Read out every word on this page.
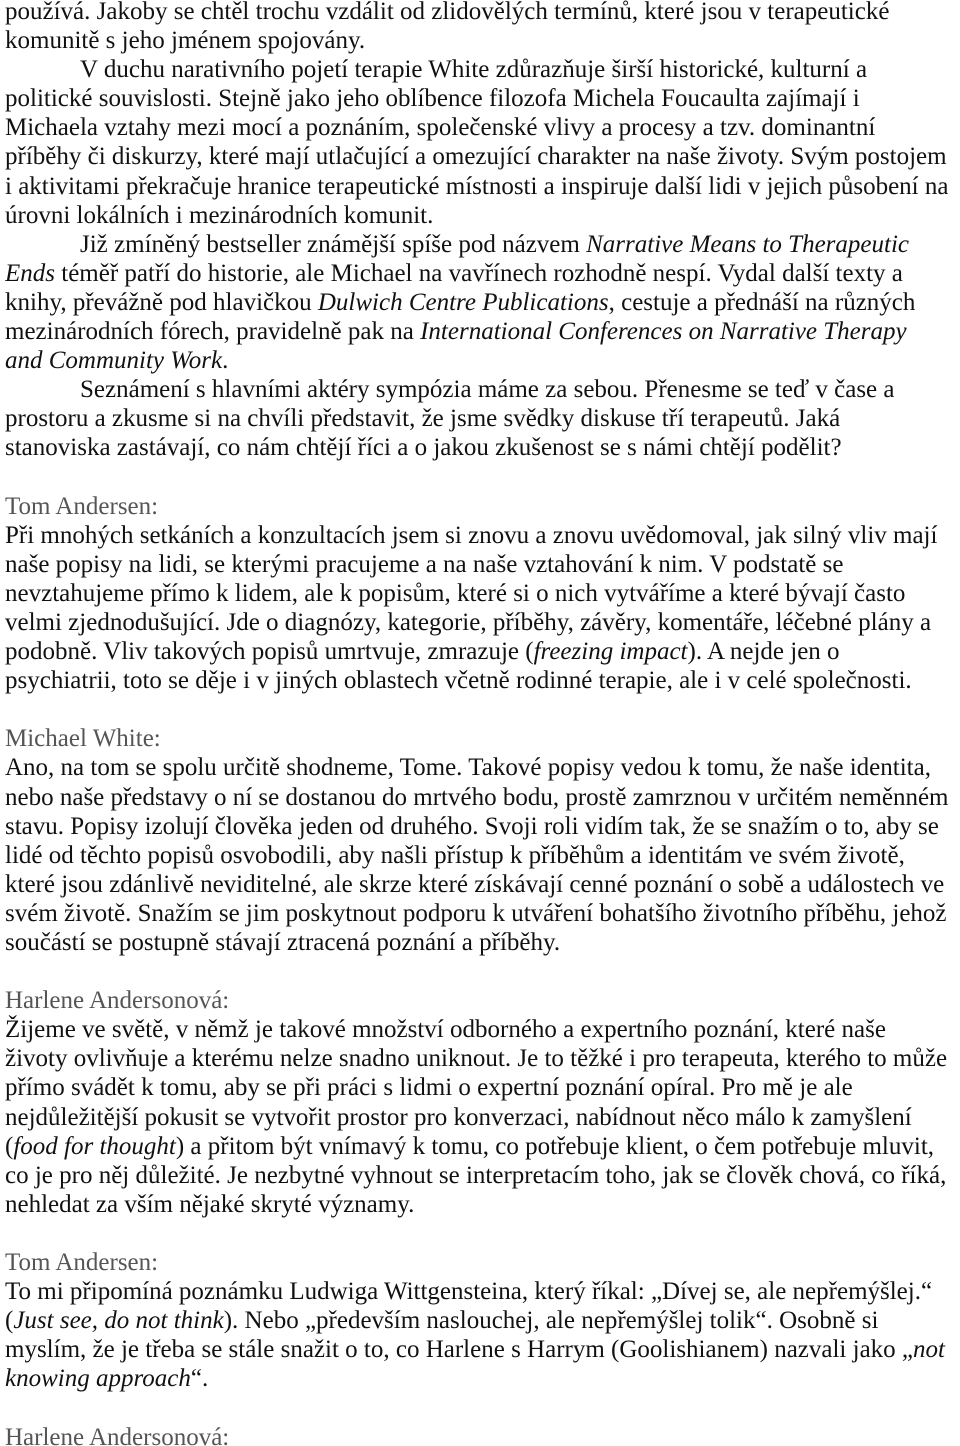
používá. Jakoby se chtěl trochu vzdálit od zlidovělých termínů, které jsou v terapeutické
komunitě s jeho jménem spojovány.
V duchu narativního pojetí terapie White zdůrazňuje širší historické, kulturní a
politické souvislosti. Stejně jako jeho oblíbence filozofa Michela Foucaulta zajímají i
Michaela vztahy mezi mocí a poznáním, společenské vlivy a procesy a tzv. dominantní
příběhy či diskurzy, které mají utlačující a omezující charakter na naše životy. Svým postojem
i aktivitami překračuje hranice terapeutické místnosti a inspiruje další lidi v jejich působení na
úrovni lokálních i mezinárodních komunit.
Již zmíněný bestseller známější spíše pod názvem Narrative Means to Therapeutic
Ends téměř patří do historie, ale Michael na vavřínech rozhodně nespí. Vydal další texty a
knihy, převážně pod hlavičkou Dulwich Centre Publications, cestuje a přednáší na různých
mezinárodních fórech, pravidelně pak na International Conferences on Narrative Therapy
and Community Work.
Seznámení s hlavními aktéry sympózia máme za sebou. Přenesme se teď v čase a
prostoru a zkusme si na chvíli představit, že jsme svědky diskuse tří terapeutů. Jaká
stanoviska zastávají, co nám chtějí říci a o jakou zkušenost se s námi chtějí podělit?
Tom Andersen:
Při mnohých setkáních a konzultacích jsem si znovu a znovu uvědomoval, jak silný vliv mají
naše popisy na lidi, se kterými pracujeme a na naše vztahování k nim. V podstatě se
nevztahujeme přímo k lidem, ale k popisům, které si o nich vytváříme a které bývají často
velmi zjednodušující. Jde o diagnózy, kategorie, příběhy, závěry, komentáře, léčebné plány a
podobně. Vliv takových popisů umrtvuje, zmrazuje (freezing impact). A nejde jen o
psychiatrii, toto se děje i v jiných oblastech včetně rodinné terapie, ale i v celé společnosti.
Michael White:
Ano, na tom se spolu určitě shodneme, Tome. Takové popisy vedou k tomu, že naše identita,
nebo naše představy o ní se dostanou do mrtvého bodu, prostě zamrznou v určitém neměnném
stavu. Popisy izolují člověka jeden od druhého. Svoji roli vidím tak, že se snažím o to, aby se
lidé od těchto popisů osvobodili, aby našli přístup k příběhům a identitám ve svém životě,
které jsou zdánlivě neviditelné, ale skrze které získávají cenné poznání o sobě a událostech ve
svém životě. Snažím se jim poskytnout podporu k utváření bohatšího životního příběhu, jehož
součástí se postupně stávají ztracená poznání a příběhy.
Harlene Andersonová:
Žijeme ve světě, v němž je takové množství odborného a expertního poznání, které naše
životy ovlivňuje a kterému nelze snadno uniknout. Je to těžké i pro terapeuta, kterého to může
přímo svádět k tomu, aby se při práci s lidmi o expertní poznání opíral. Pro mě je ale
nejdůležitější pokusit se vytvořit prostor pro konverzaci, nabídnout něco málo k zamyšlení
(food for thought) a přitom být vnímavý k tomu, co potřebuje klient, o čem potřebuje mluvit,
co je pro něj důležité. Je nezbytné vyhnout se interpretacím toho, jak se člověk chová, co říká,
nehledat za vším nějaké skryté významy.
Tom Andersen:
To mi připomíná poznámku Ludwiga Wittgensteina, který říkal: „Dívej se, ale nepřemýšlej.“
(Just see, do not think). Nebo „především naslouchej, ale nepřemýšlej tolik“. Osobně si
myslím, že je třeba se stále snažit o to, co Harlene s Harrym (Goolishianem) nazvali jako „not
knowing approach“.
Harlene Andersonová:
